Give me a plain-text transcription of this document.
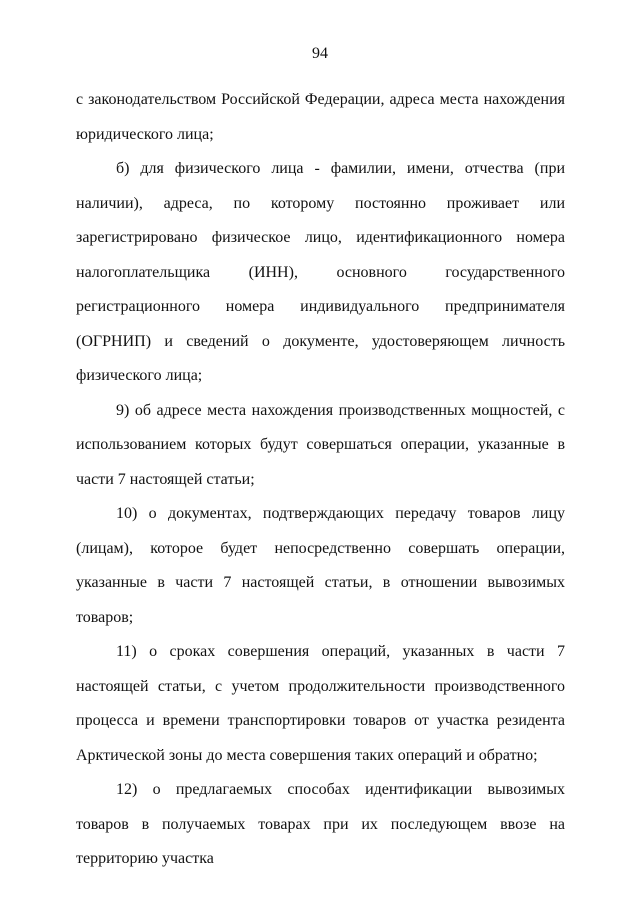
94

с законодательством Российской Федерации, адреса места нахождения юридического лица;

б) для физического лица - фамилии, имени, отчества (при наличии), адреса, по которому постоянно проживает или зарегистрировано физическое лицо, идентификационного номера налогоплательщика (ИНН), основного государственного регистрационного номера индивидуального предпринимателя (ОГРНИП) и сведений о документе, удостоверяющем личность физического лица;

9) об адресе места нахождения производственных мощностей, с использованием которых будут совершаться операции, указанные в части 7 настоящей статьи;

10) о документах, подтверждающих передачу товаров лицу (лицам), которое будет непосредственно совершать операции, указанные в части 7 настоящей статьи, в отношении вывозимых товаров;

11) о сроках совершения операций, указанных в части 7 настоящей статьи, с учетом продолжительности производственного процесса и времени транспортировки товаров от участка резидента Арктической зоны до места совершения таких операций и обратно;

12) о предлагаемых способах идентификации вывозимых товаров в получаемых товарах при их последующем ввозе на территорию участка
